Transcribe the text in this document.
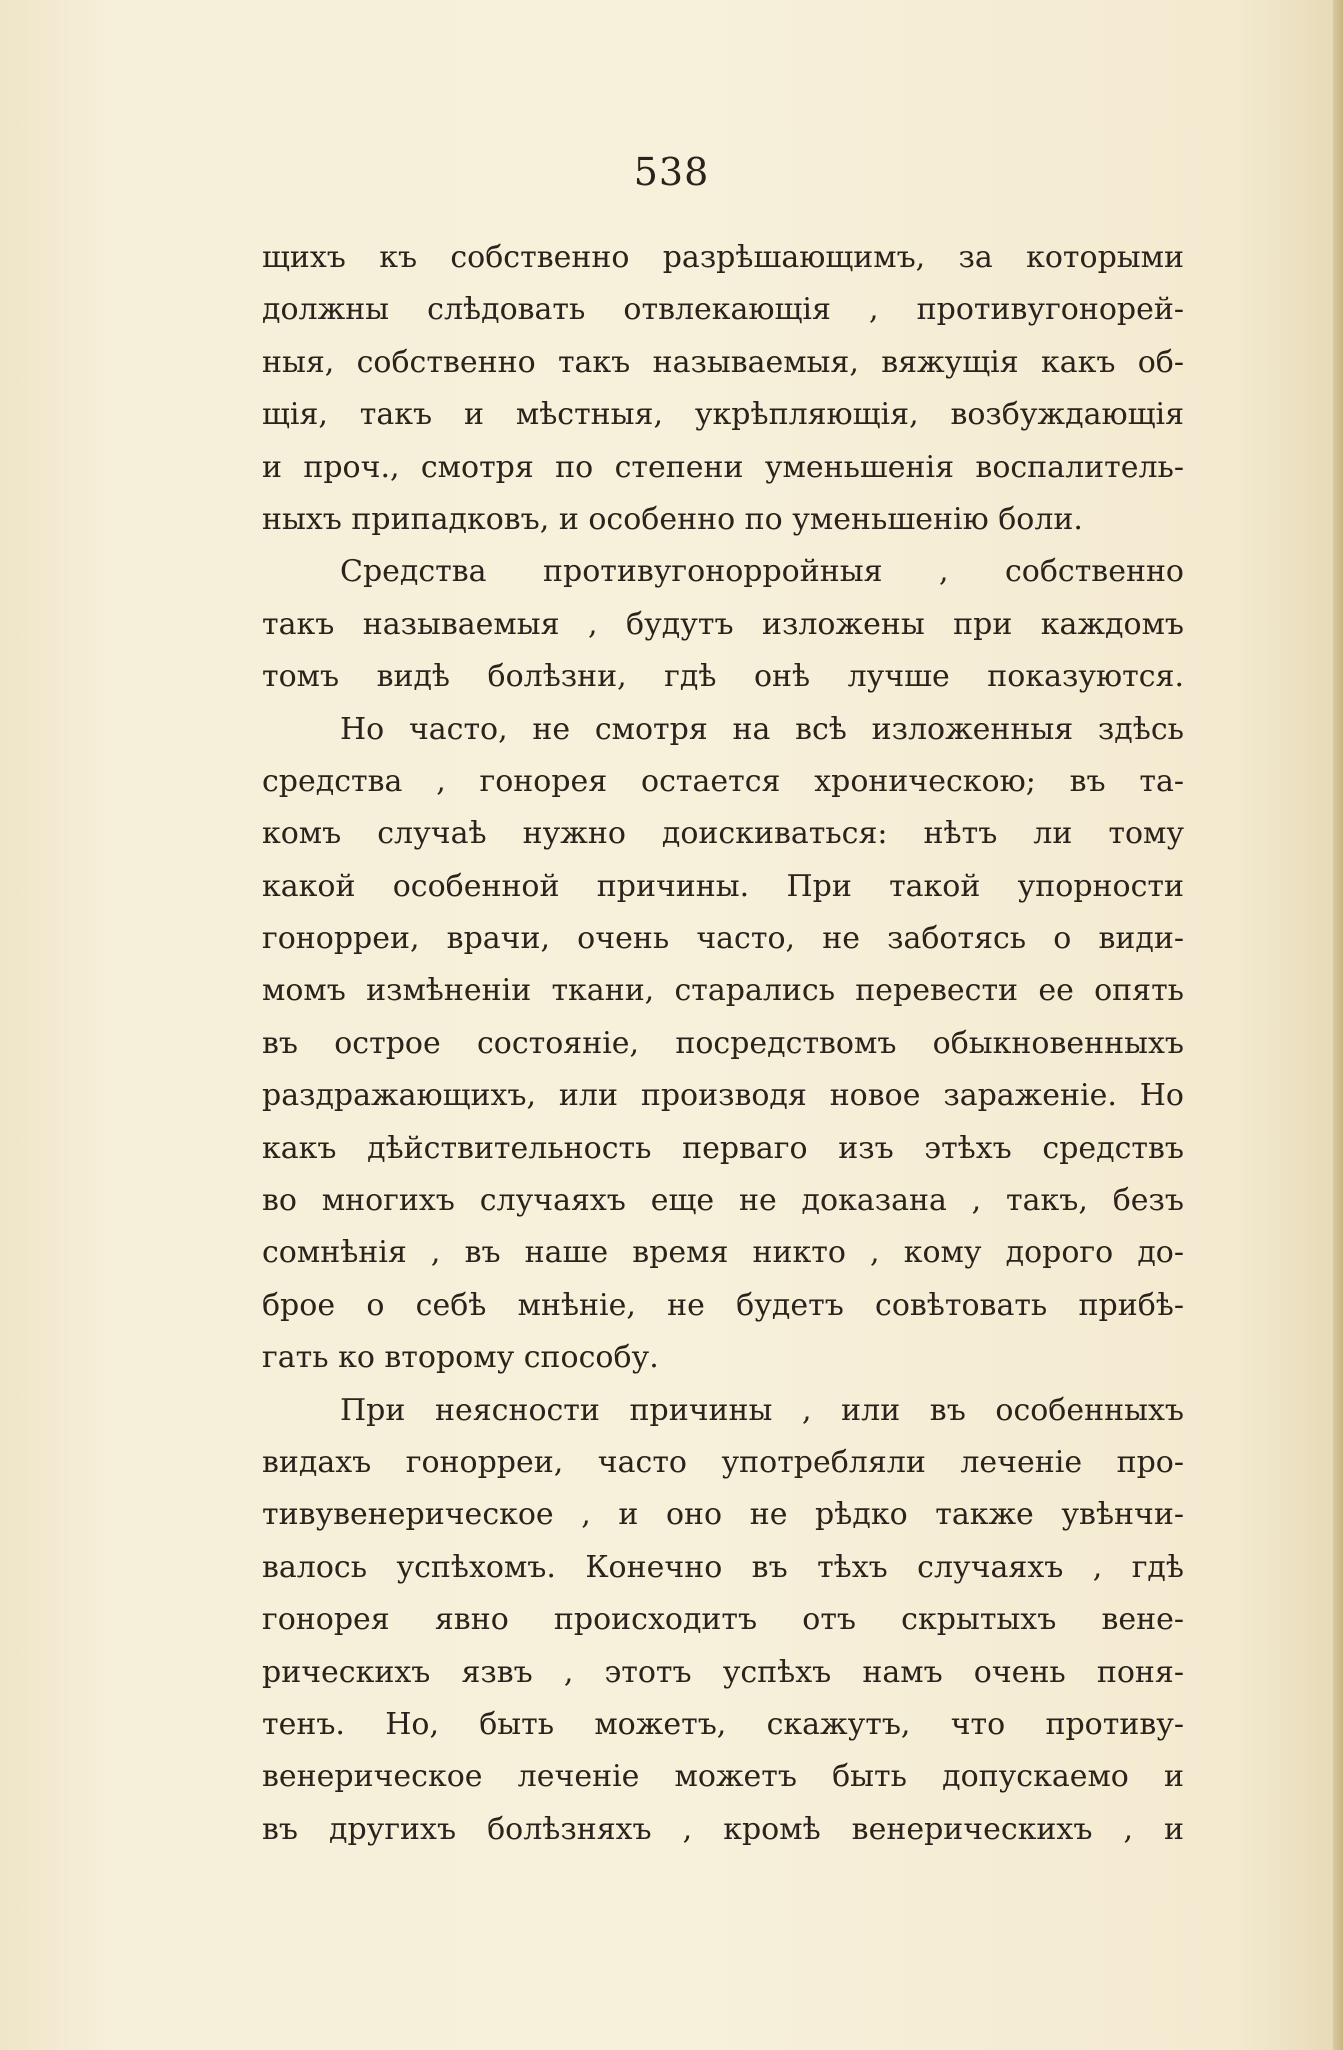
538
щихъ къ собственно разрѣшающимъ, за которыми
должны слѣдовать отвлекающія , противугонорей-
ныя, собственно такъ называемыя, вяжущія какъ об-
щія, такъ и мѣстныя, укрѣпляющія, возбуждающія
и проч., смотря по степени уменьшенія воспалитель-
ныхъ припадковъ, и особенно по уменьшенію боли.
Средства противугонорройныя , собственно
такъ называемыя , будутъ изложены при каждомъ
томъ видѣ болѣзни, гдѣ онѣ лучше показуются.
Но часто, не смотря на всѣ изложенныя здѣсь
средства , гонорея остается хроническою; въ та-
комъ случаѣ нужно доискиваться: нѣтъ ли тому
какой особенной причины. При такой упорности
гонорреи, врачи, очень часто, не заботясь о види-
момъ измѣненіи ткани, старались перевести ее опять
въ острое состояніе, посредствомъ обыкновенныхъ
раздражающихъ, или производя новое зараженіе. Но
какъ дѣйствительность перваго изъ этѣхъ средствъ
во многихъ случаяхъ еще не доказана , такъ, безъ
сомнѣнія , въ наше время никто , кому дорого до-
брое о себѣ мнѣніе, не будетъ совѣтовать прибѣ-
гать ко второму способу.
При неясности причины , или въ особенныхъ
видахъ гонорреи, часто употребляли леченіе про-
тивувенерическое , и оно не рѣдко также увѣнчи-
валось успѣхомъ. Конечно въ тѣхъ случаяхъ , гдѣ
гонорея явно происходитъ отъ скрытыхъ вене-
рическихъ язвъ , этотъ успѣхъ намъ очень поня-
тенъ. Но, быть можетъ, скажутъ, что противу-
венерическое леченіе можетъ быть допускаемо и
въ другихъ болѣзняхъ , кромѣ венерическихъ , и
